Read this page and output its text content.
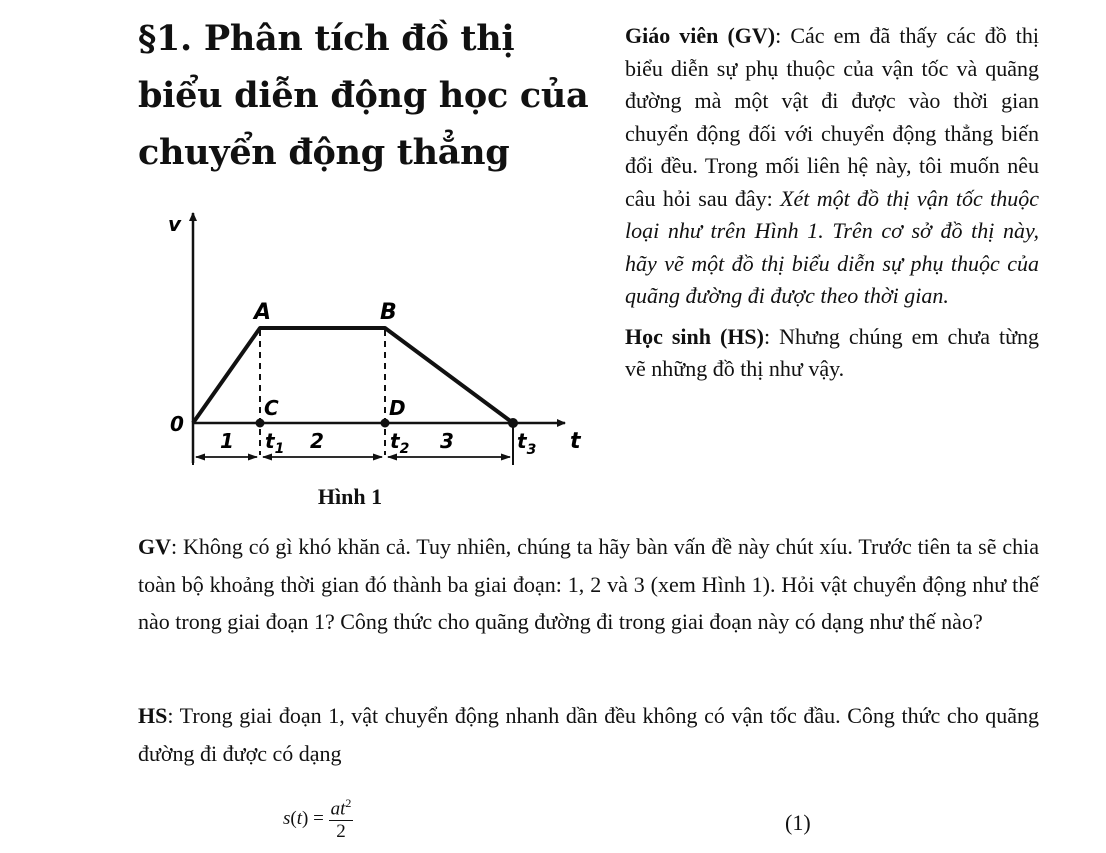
§1. Phân tích đồ thị biểu diễn động học của chuyển động thẳng

Giáo viên (GV): Các em đã thấy các đồ thị biểu diễn sự phụ thuộc của vận tốc và quãng đường mà một vật đi được vào thời gian chuyển động đối với chuyển động thẳng biến đổi đều. Trong mối liên hệ này, tôi muốn nêu câu hỏi sau đây: Xét một đồ thị vận tốc thuộc loại như trên Hình 1. Trên cơ sở đồ thị này, hãy vẽ một đồ thị biểu diễn sự phụ thuộc của quãng đường đi được theo thời gian.

Học sinh (HS): Nhưng chúng em chưa từng vẽ những đồ thị như vậy.

v
t
0
A	B
C	D
$t_1$	$t_2$	$t_3$
1	2	3
Hình 1

GV: Không có gì khó khăn cả. Tuy nhiên, chúng ta hãy bàn vấn đề này chút xíu. Trước tiên ta sẽ chia toàn bộ khoảng thời gian đó thành ba giai đoạn: 1, 2 và 3 (xem Hình 1). Hỏi vật chuyển động như thế nào trong giai đoạn 1? Công thức cho quãng đường đi trong giai đoạn này có dạng như thế nào?

HS: Trong giai đoạn 1, vật chuyển động nhanh dần đều không có vận tốc đầu. Công thức cho quãng đường đi được có dạng

$s(t) = \frac{at^2}{2}$	(1)
